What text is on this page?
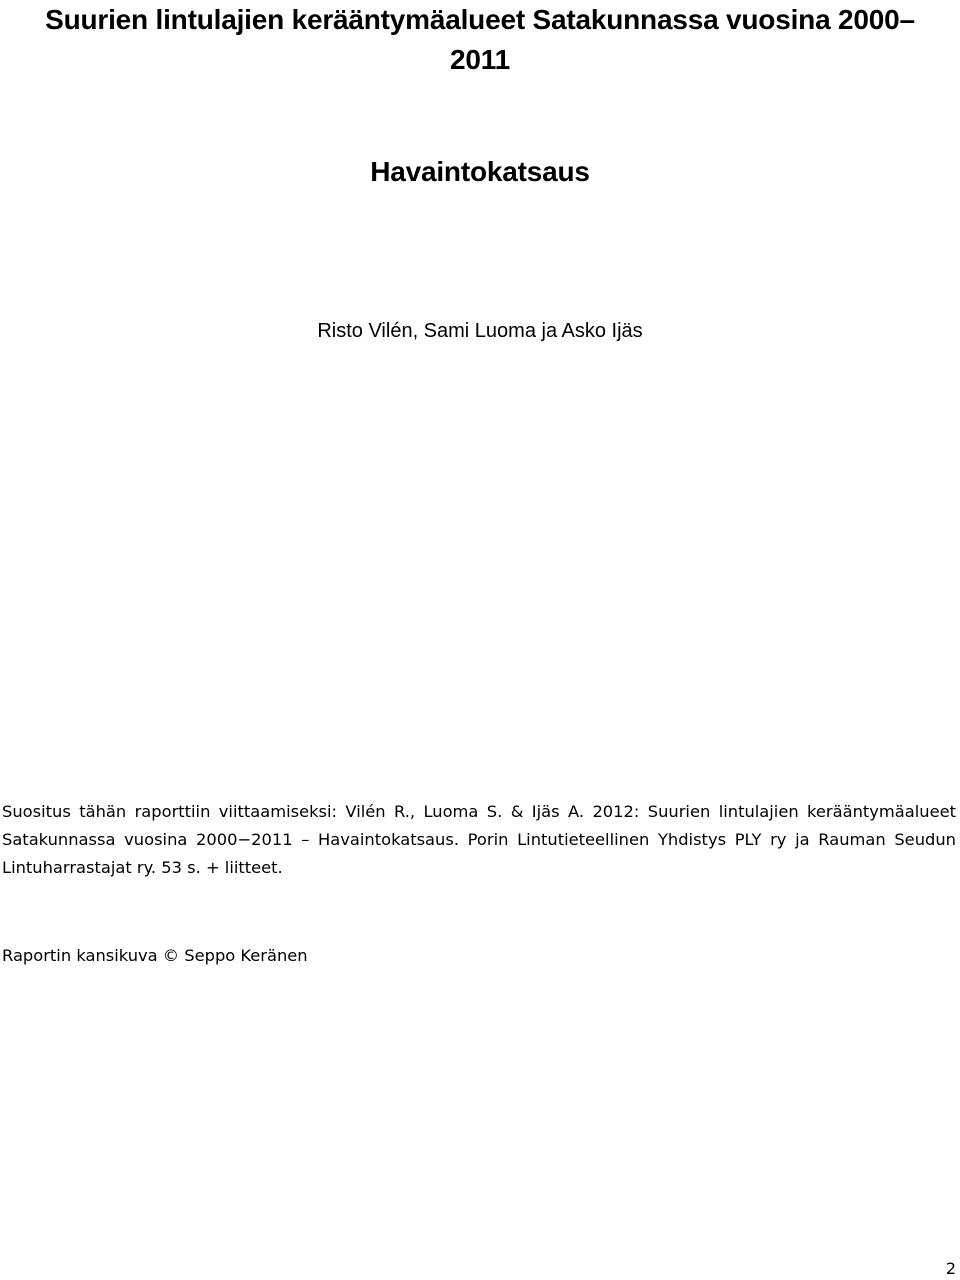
Suurien lintulajien kerääntymäalueet Satakunnassa vuosina 2000–
2011
Havaintokatsaus

Risto Vilén, Sami Luoma ja Asko Ijäs

Suositus tähän raporttiin viittaamiseksi: Vilén R., Luoma S. & Ijäs A. 2012: Suurien lintulajien kerääntymäalueet Satakunnassa vuosina 2000−2011 – Havaintokatsaus. Porin Lintutieteellinen Yhdistys PLY ry ja Rauman Seudun Lintuharrastajat ry. 53 s. + liitteet.

Raportin kansikuva © Seppo Keränen

2
